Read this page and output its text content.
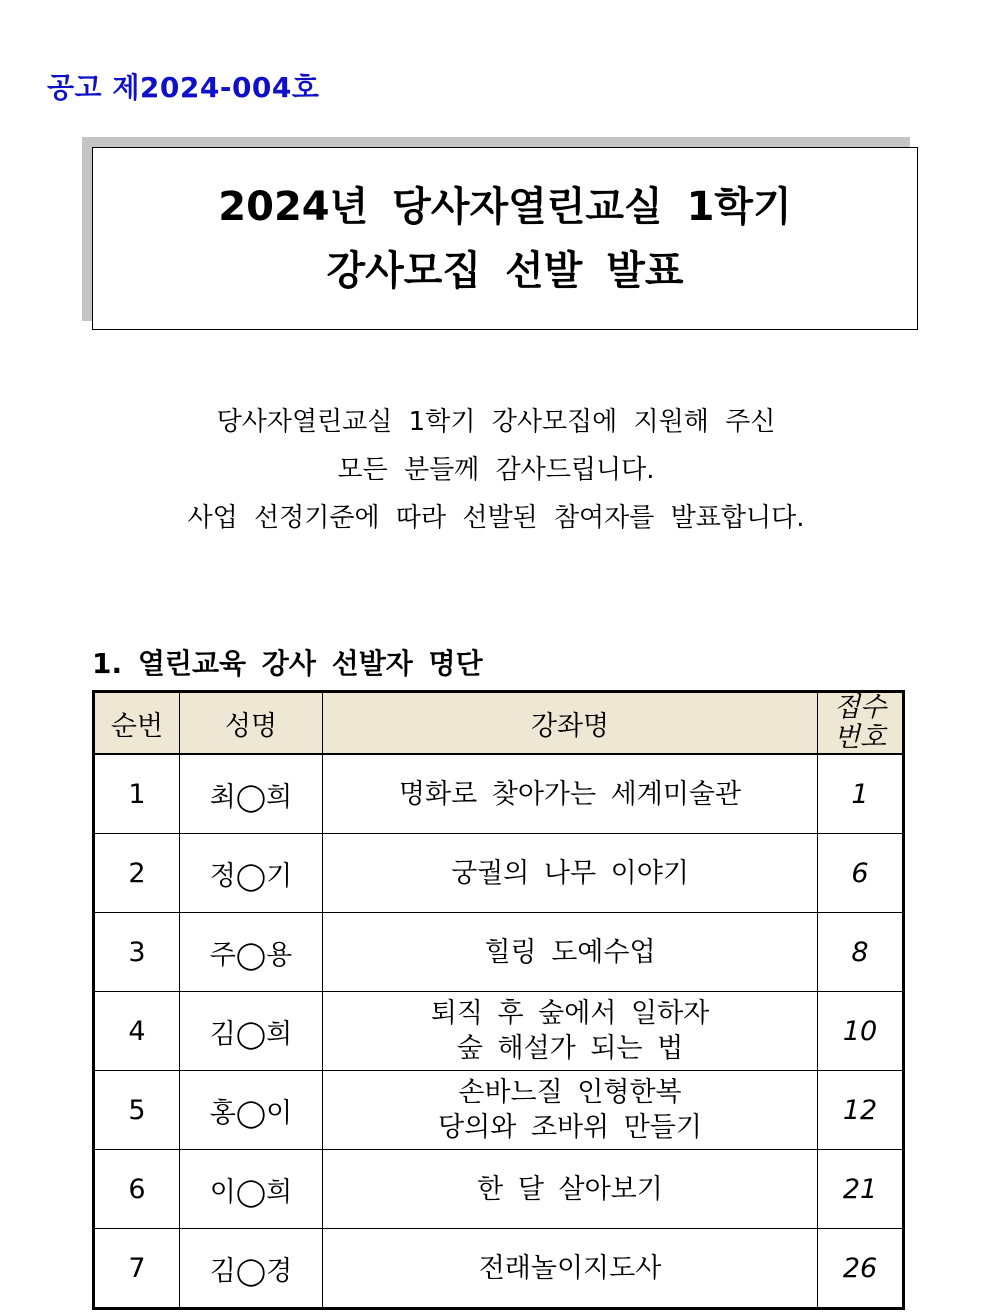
공고 제2024-004호
2024년 당사자열린교실 1학기
강사모집 선발 발표
당사자열린교실 1학기 강사모집에 지원해 주신
모든 분들께 감사드립니다.
사업 선정기준에 따라 선발된 참여자를 발표합니다.
1. 열린교육 강사 선발자 명단
순번	성명	강좌명	접수
번호

1	최◯희	명화로 찾아가는 세계미술관	1
2	정◯기	궁궐의 나무 이야기	6
3	주◯용	힐링 도예수업	8
4	김◯희	퇴직 후 숲에서 일하자
숲 해설가 되는 법	10
5	홍◯이	손바느질 인형한복
당의와 조바위 만들기	12
6	이◯희	한 달 살아보기	21
7	김◯경	전래놀이지도사	26
